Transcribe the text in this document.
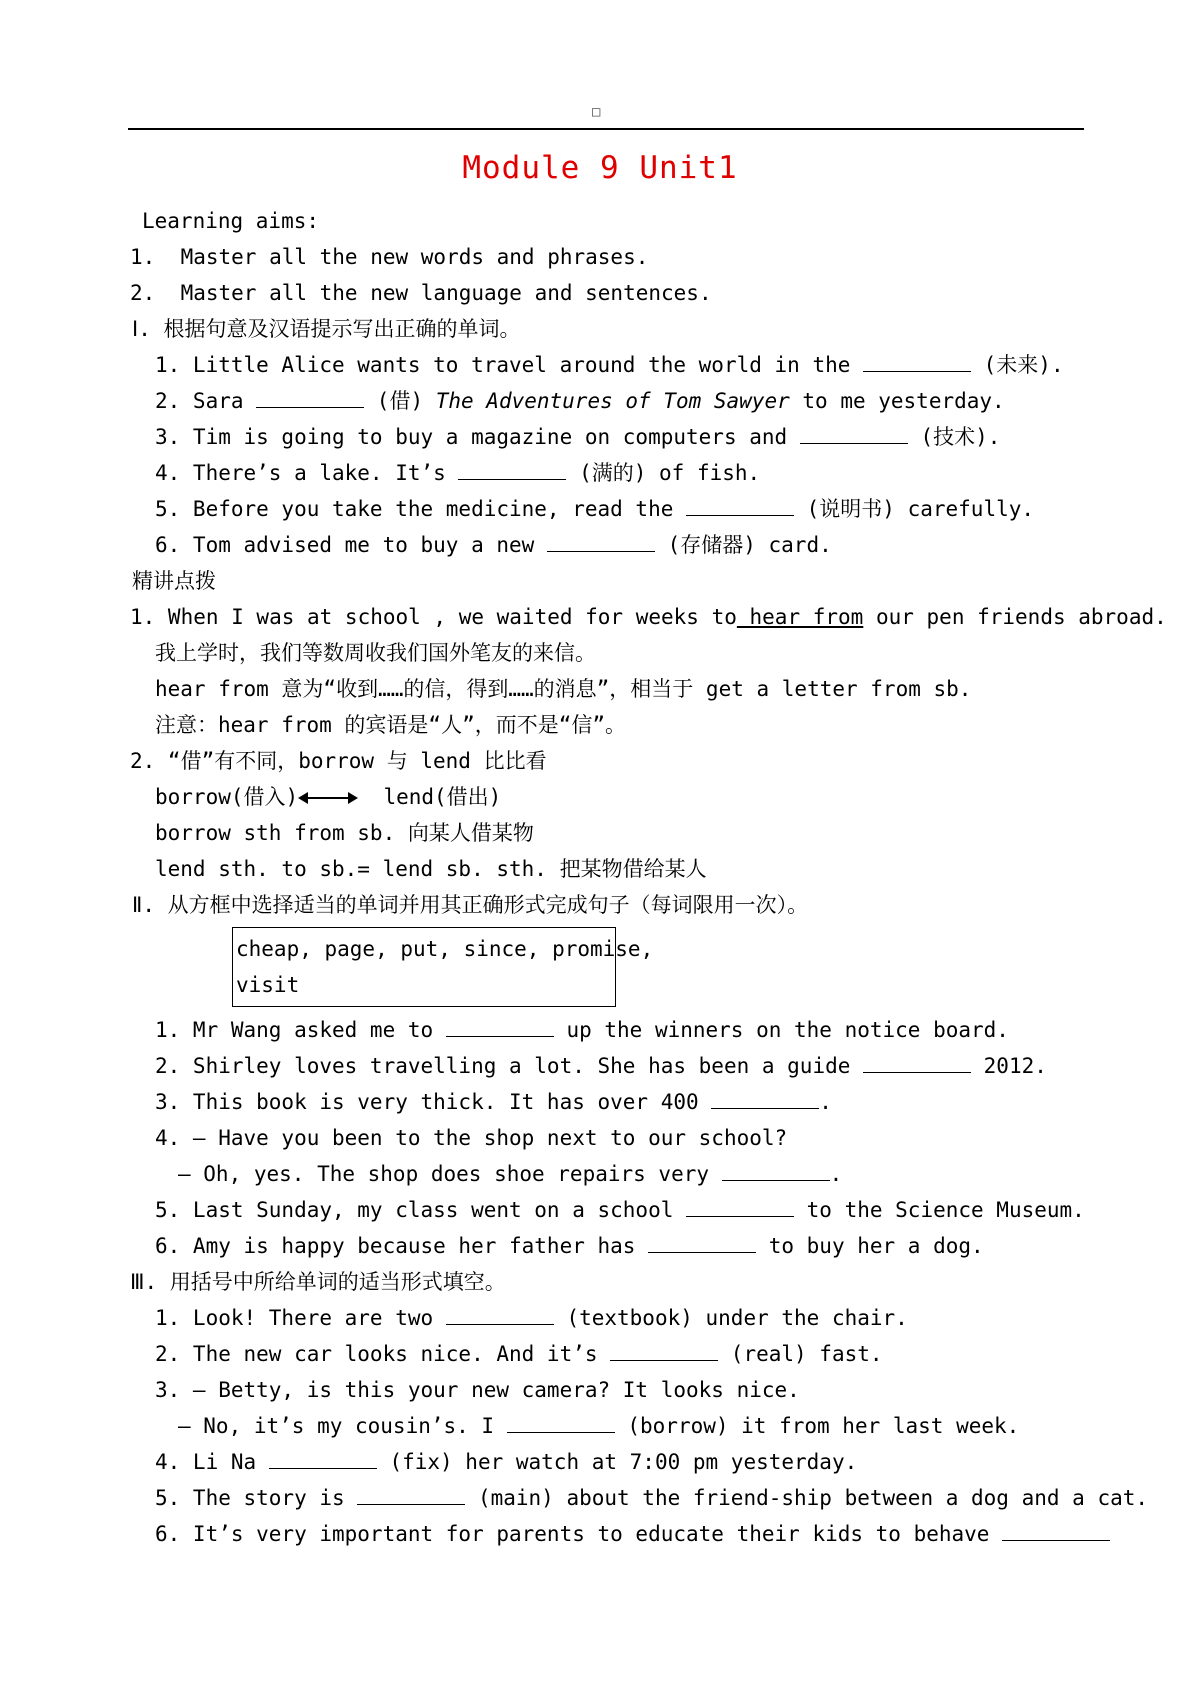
□
Module 9 Unit1
Learning aims:
1.  Master all the new words and phrases.
2.  Master all the new language and sentences.
Ⅰ. 根据句意及汉语提示写出正确的单词。
1. Little Alice wants to travel around the world in the	(未来).
2. Sara	(借) The Adventures of Tom Sawyer to me yesterday.
3. Tim is going to buy a magazine on computers and	(技术).
4. There’s a lake. It’s	(满的) of fish.
5. Before you take the medicine, read the	(说明书) carefully.
6. Tom advised me to buy a new	(存储器) card.
精讲点拨
1. When I was at school , we waited for weeks to hear from our pen friends abroad.
我上学时，我们等数周收我们国外笔友的来信。
hear from 意为“收到……的信，得到……的消息”，相当于 get a letter from sb.
注意：hear from 的宾语是“人”，而不是“信”。
2. “借”有不同，borrow 与 lend 比比看
borrow(借入)	lend(借出)
borrow sth from sb. 向某人借某物
lend sth. to sb.= lend sb. sth. 把某物借给某人
Ⅱ. 从方框中选择适当的单词并用其正确形式完成句子（每词限用一次）。
cheap, page, put, since, promise,
visit
1. Mr Wang asked me to	up the winners on the notice board.
2. Shirley loves travelling a lot. She has been a guide	2012.
3. This book is very thick. It has over 400	.
4. — Have you been to the shop next to our school?
— Oh, yes. The shop does shoe repairs very	.
5. Last Sunday, my class went on a school	to the Science Museum.
6. Amy is happy because her father has	to buy her a dog.
Ⅲ. 用括号中所给单词的适当形式填空。
1. Look! There are two	(textbook) under the chair.
2. The new car looks nice. And it’s	(real) fast.
3. — Betty, is this your new camera? It looks nice.
— No, it’s my cousin’s. I	(borrow) it from her last week.
4. Li Na	(fix) her watch at 7:00 pm yesterday.
5. The story is	(main) about the friend-ship between a dog and a cat.
6. It’s very important for parents to educate their kids to behave
